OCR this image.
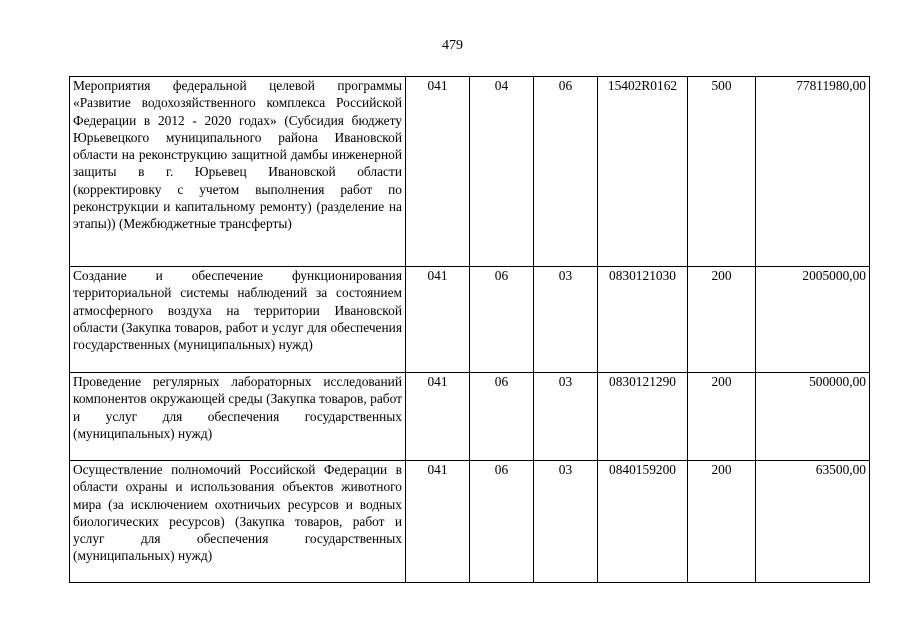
479
Мероприятия федеральной целевой программы «Развитие водохозяйственного комплекса Российской Федерации в 2012 - 2020 годах» (Субсидия бюджету Юрьевецкого муниципального района Ивановской области на реконструкцию защитной дамбы инженерной защиты в г. Юрьевец Ивановской области (корректировку с учетом выполнения работ по реконструкции и капитальному ремонту) (разделение на этапы)) (Межбюджетные трансферты)	041	04	06	15402R0162	500	77811980,00
Создание и обеспечение функционирования территориальной системы наблюдений за состоянием атмосферного воздуха на территории Ивановской области (Закупка товаров, работ и услуг для обеспечения государственных (муниципальных) нужд)	041	06	03	0830121030	200	2005000,00
Проведение регулярных лабораторных исследований компонентов окружающей среды (Закупка товаров, работ и услуг для обеспечения государственных (муниципальных) нужд)	041	06	03	0830121290	200	500000,00
Осуществление полномочий Российской Федерации в области охраны и использования объектов животного мира (за исключением охотничьих ресурсов и водных биологических ресурсов) (Закупка товаров, работ и услуг для обеспечения государственных (муниципальных) нужд)	041	06	03	0840159200	200	63500,00
